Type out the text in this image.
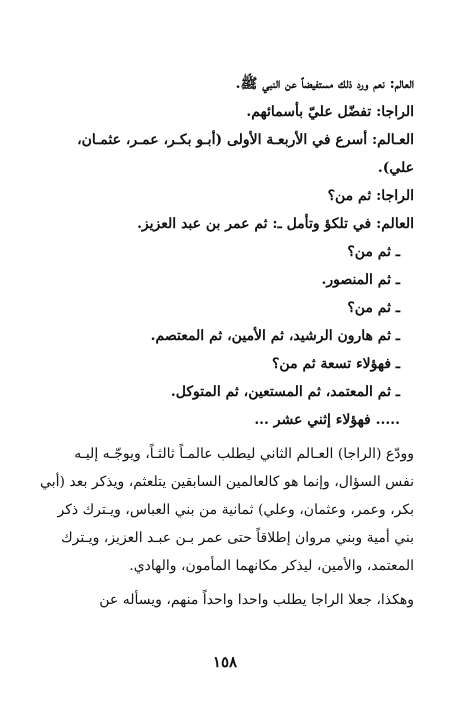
العالم: نعم ورد ذلك مستفيضاً عن النبي ﷺ.
الراجا: تفضّل عليّ بأسمائهم.
العـالم: أسرع في الأربعـة الأولى (أبـو بكـر، عمـر، عثمـان،
علي).
الراجا: ثم من؟
العالم: في تلكؤ وتأمل ـ: ثم عمر بن عبد العزيز.
ـ ثم من؟
ـ ثم المنصور.
ـ ثم من؟
ـ ثم هارون الرشيد، ثم الأمين، ثم المعتصم.
ـ فهؤلاء تسعة ثم من؟
ـ ثم المعتمد، ثم المستعين، ثم المتوكل.
..... فهؤلاء إثني عشر ...
وودّع (الراجا) العـالم الثاني ليطلب عالمـاً ثالثـاً، ويوجّـه إليـه
نفس السؤال، وإنما هو كالعالمين السابقين يتلعثم، ويذكر بعد (أبي
بكر، وعمر، وعثمان، وعلي) ثمانية من بني العباس، ويـترك ذكر
بني أمية وبني مروان إطلاقاً حتى عمر بـن عبـد العزيز، ويـترك
المعتمد، والأمين، ليذكر مكانهما المأمون، والهادي.
وهكذا، جعلا الراجا يطلب واحدا واحداً منهم، ويسأله عن
١٥٨
